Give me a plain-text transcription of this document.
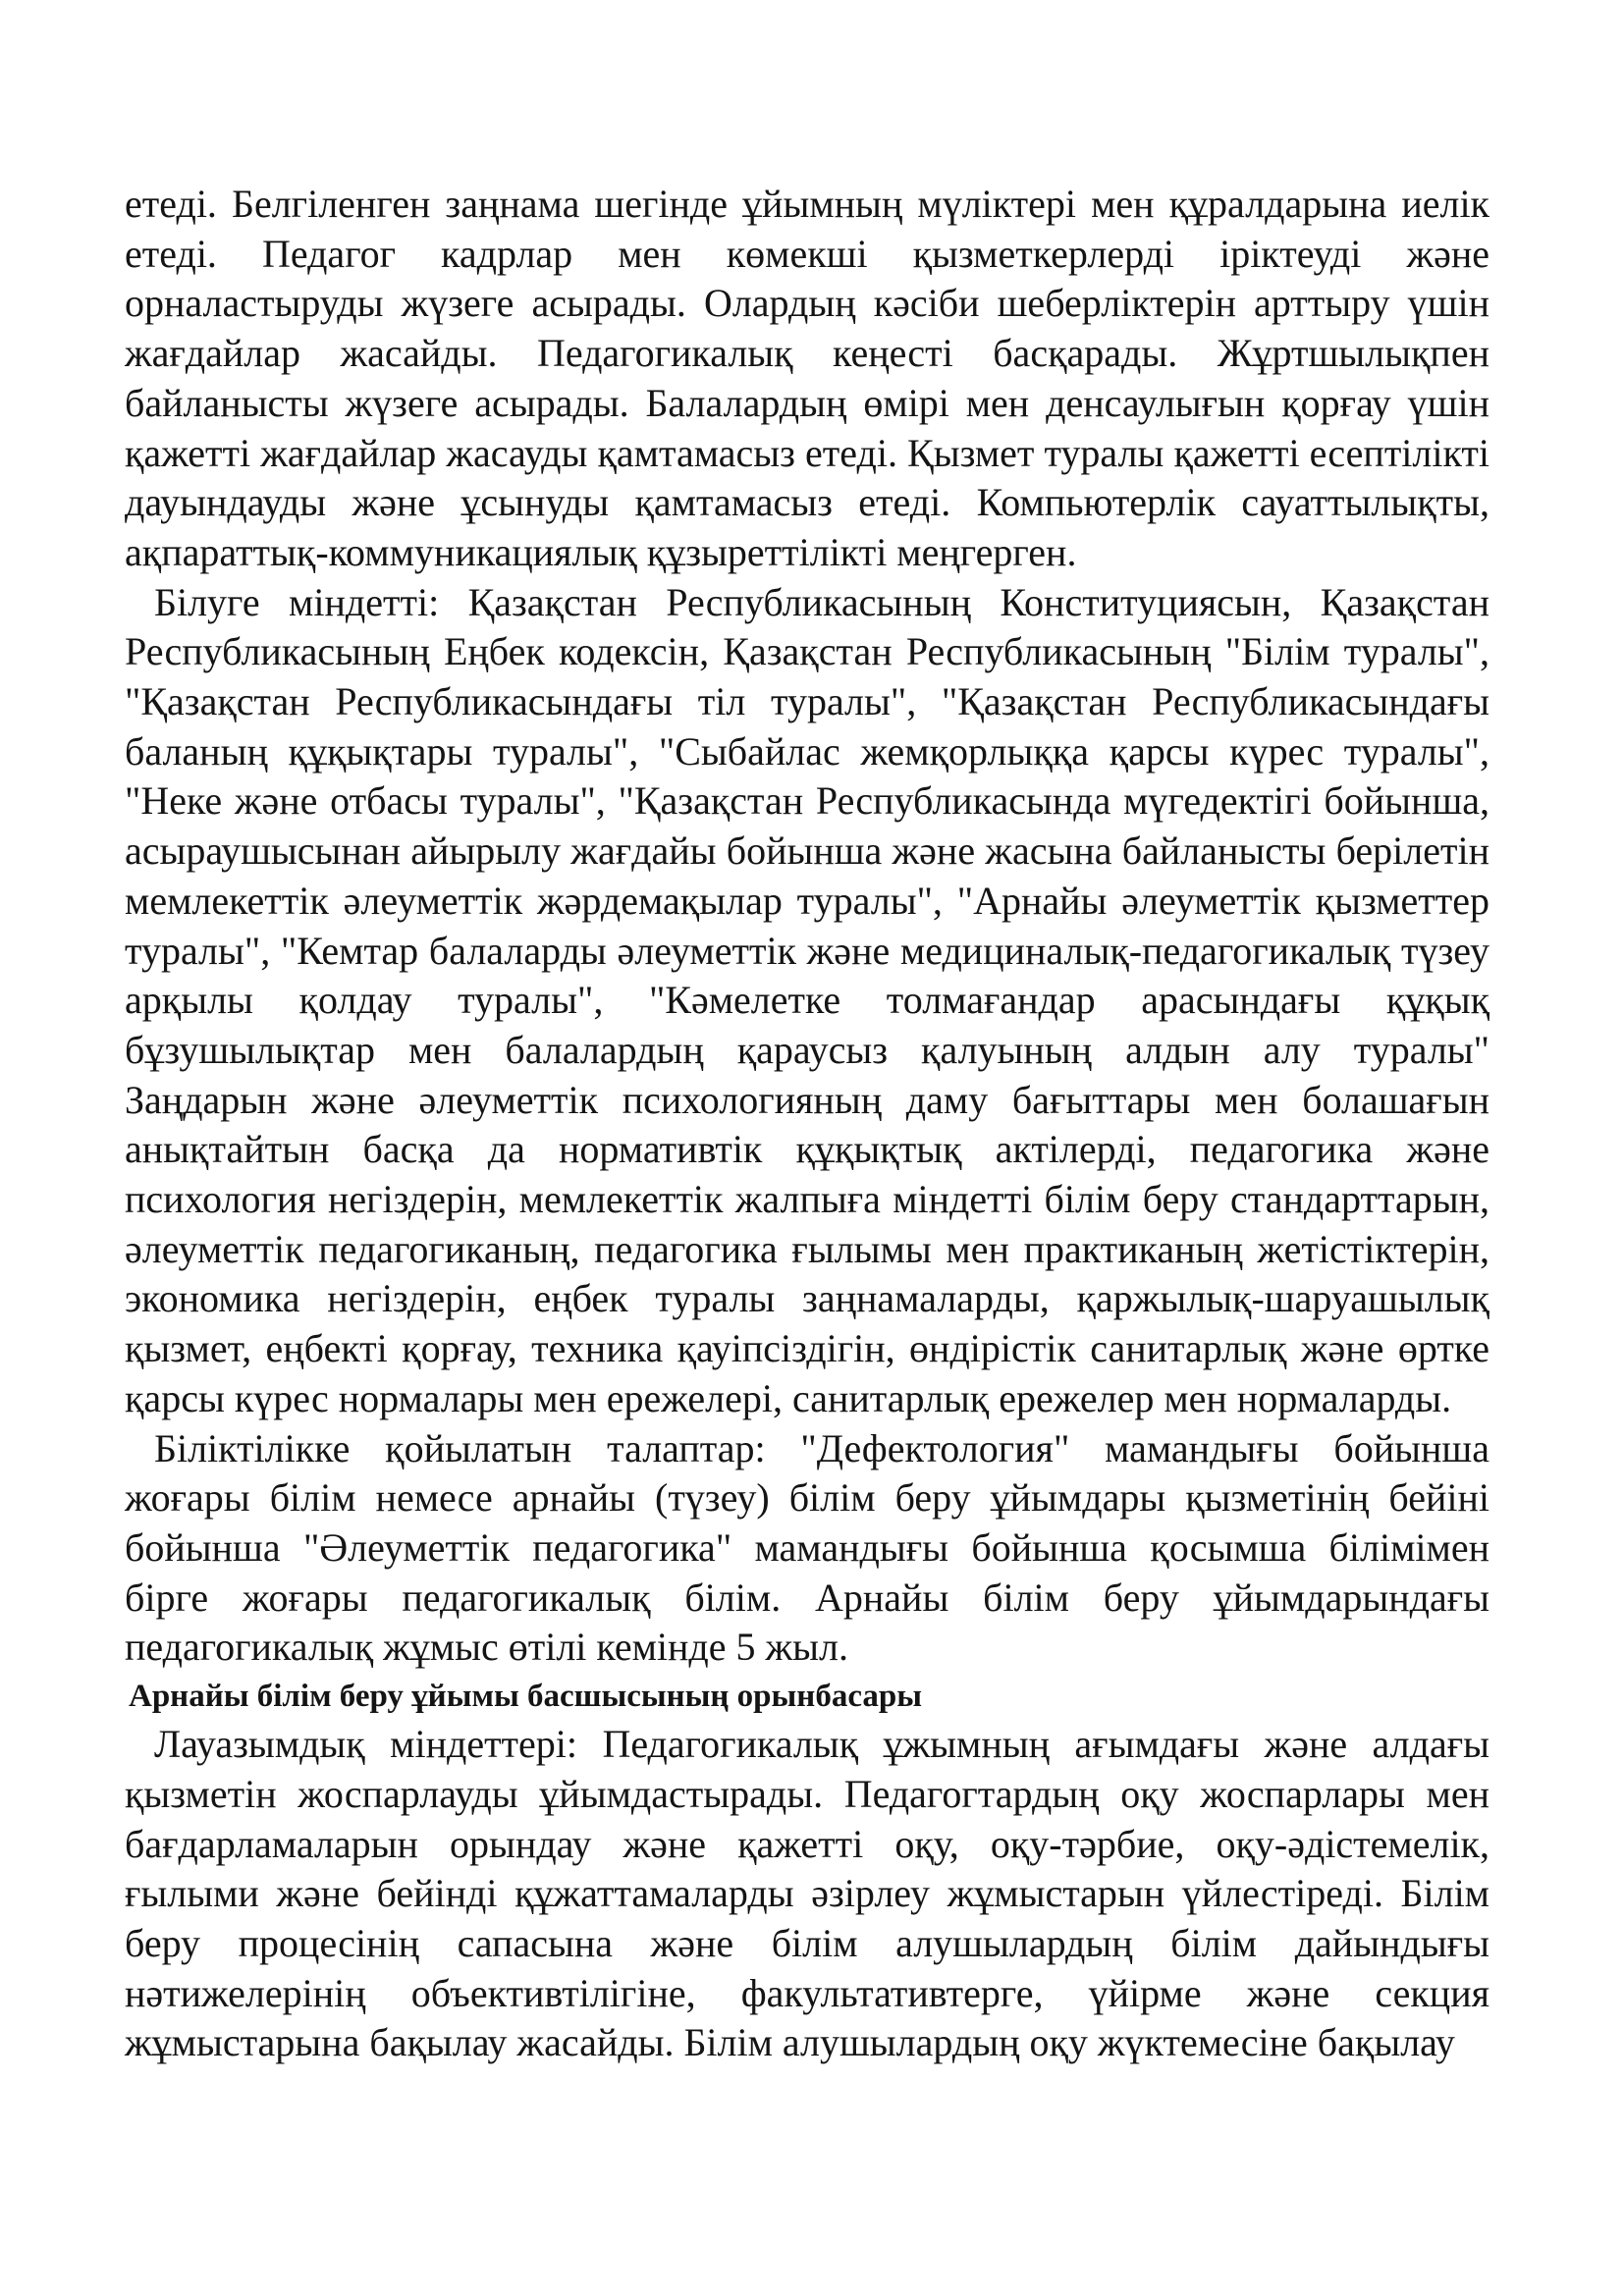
етеді. Белгіленген заңнама шегінде ұйымның мүліктері мен құралдарына иелік етеді. Педагог кадрлар мен көмекші қызметкерлерді іріктеуді және орналастыруды жүзеге асырады. Олардың кәсіби шеберліктерін арттыру үшін жағдайлар жасайды. Педагогикалық кеңесті басқарады. Жұртшылықпен байланысты жүзеге асырады. Балалардың өмірі мен денсаулығын қорғау үшін қажетті жағдайлар жасауды қамтамасыз етеді. Қызмет туралы қажетті есептілікті дауындауды және ұсынуды қамтамасыз етеді. Компьютерлік сауаттылықты, ақпараттық-коммуникациялық құзыреттілікті меңгерген.

Білуге міндетті: Қазақстан Республикасының Конституциясын, Қазақстан Республикасының Еңбек кодексін, Қазақстан Республикасының "Білім туралы", "Қазақстан Республикасындағы тіл туралы", "Қазақстан Республикасындағы баланың құқықтары туралы", "Сыбайлас жемқорлыққа қарсы күрес туралы", "Неке және отбасы туралы", "Қазақстан Республикасында мүгедектігі бойынша, асыраушысынан айырылу жағдайы бойынша және жасына байланысты берілетін мемлекеттік әлеуметтік жәрдемақылар туралы", "Арнайы әлеуметтік қызметтер туралы", "Кемтар балаларды әлеуметтік және медициналық-педагогикалық түзеу арқылы қолдау туралы", "Кәмелетке толмағандар арасындағы құқық бұзушылықтар мен балалардың қараусыз қалуының алдын алу туралы" Заңдарын және әлеуметтік психологияның даму бағыттары мен болашағын анықтайтын басқа да нормативтік құқықтық актілерді, педагогика және психология негіздерін, мемлекеттік жалпыға міндетті білім беру стандарттарын, әлеуметтік педагогиканың, педагогика ғылымы мен практиканың жетістіктерін, экономика негіздерін, еңбек туралы заңнамаларды, қаржылық-шаруашылық қызмет, еңбекті қорғау, техника қауіпсіздігін, өндірістік санитарлық және өртке қарсы күрес нормалары мен ережелері, санитарлық ережелер мен нормаларды.

Біліктілікке қойылатын талаптар: "Дефектология" мамандығы бойынша жоғары білім немесе арнайы (түзеу) білім беру ұйымдары қызметінің бейіні бойынша "Әлеуметтік педагогика" мамандығы бойынша қосымша білімімен бірге жоғары педагогикалық білім. Арнайы білім беру ұйымдарындағы педагогикалық жұмыс өтілі кемінде 5 жыл.

Арнайы білім беру ұйымы басшысының орынбасары

Лауазымдық міндеттері: Педагогикалық ұжымның ағымдағы және алдағы қызметін жоспарлауды ұйымдастырады. Педагогтардың оқу жоспарлары мен бағдарламаларын орындау және қажетті оқу, оқу-тәрбие, оқу-әдістемелік, ғылыми және бейінді құжаттамаларды әзірлеу жұмыстарын үйлестіреді. Білім беру процесінің сапасына және білім алушылардың білім дайындығы нәтижелерінің объективтілігіне, факультативтерге, үйірме және секция жұмыстарына бақылау жасайды. Білім алушылардың оқу жүктемесіне бақылау
